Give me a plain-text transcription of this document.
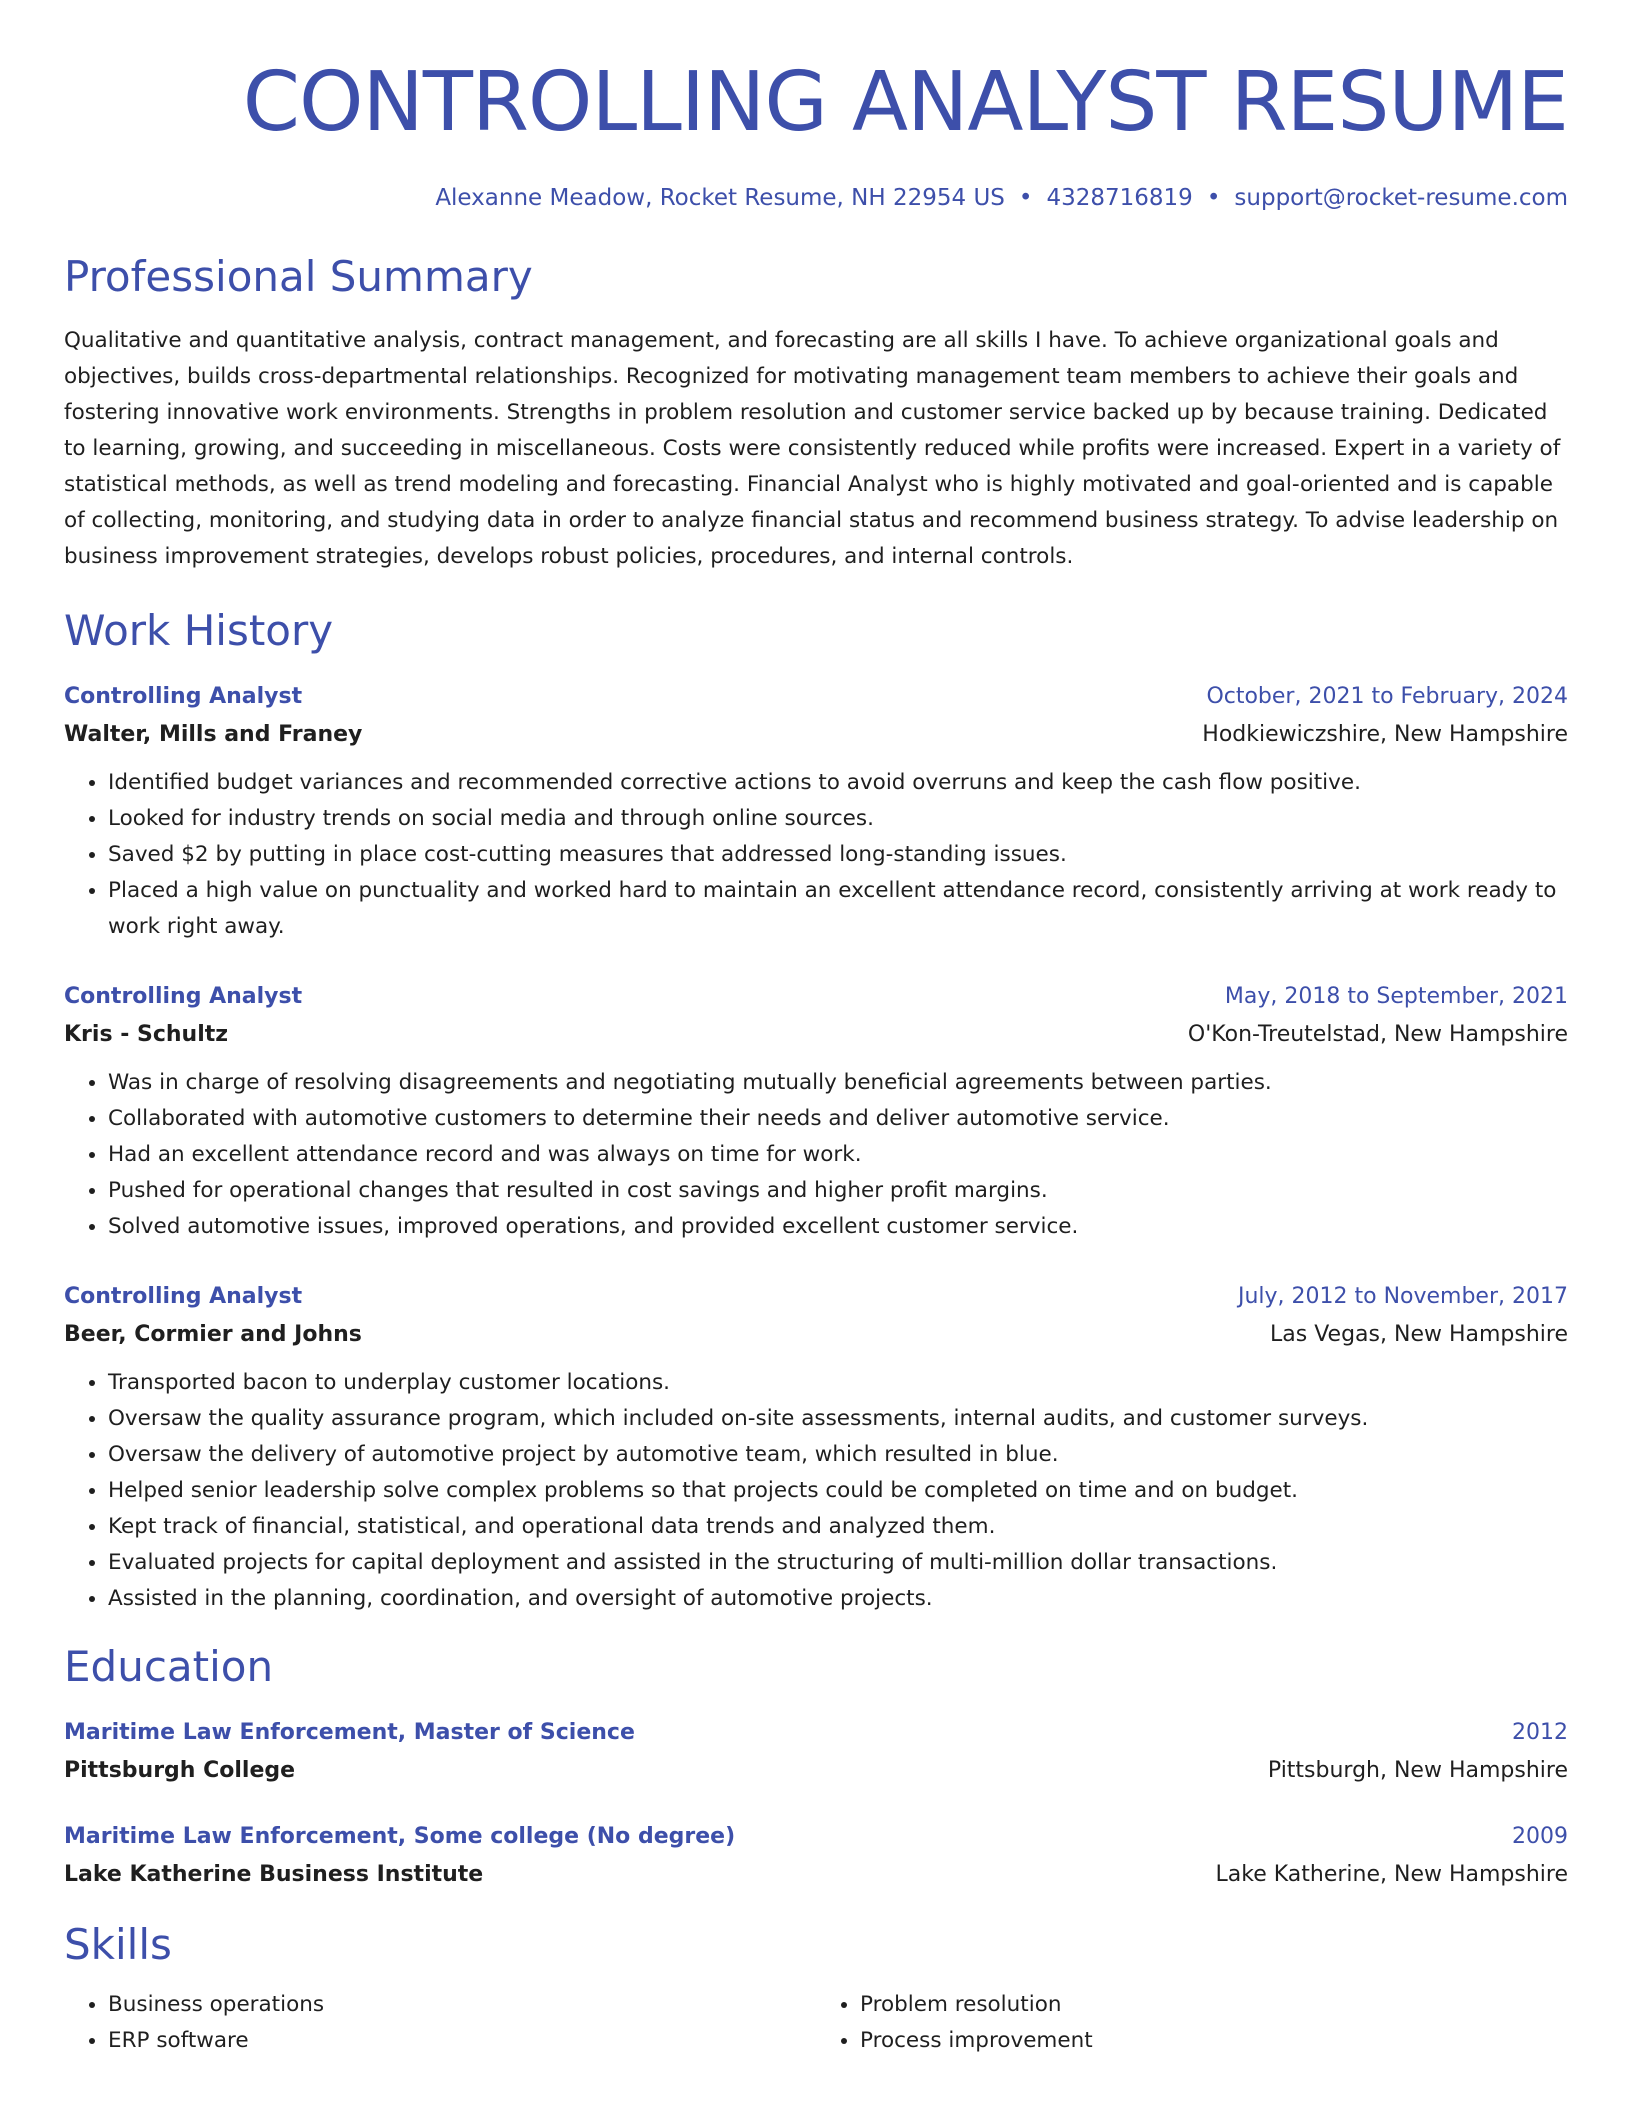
CONTROLLING ANALYST RESUME
Alexanne Meadow, Rocket Resume, NH 22954 US • 4328716819 • support@rocket-resume.com
Professional Summary
Qualitative and quantitative analysis, contract management, and forecasting are all skills I have. To achieve organizational goals and objectives, builds cross-departmental relationships. Recognized for motivating management team members to achieve their goals and fostering innovative work environments. Strengths in problem resolution and customer service backed up by because training. Dedicated to learning, growing, and succeeding in miscellaneous. Costs were consistently reduced while profits were increased. Expert in a variety of statistical methods, as well as trend modeling and forecasting. Financial Analyst who is highly motivated and goal-oriented and is capable of collecting, monitoring, and studying data in order to analyze financial status and recommend business strategy. To advise leadership on business improvement strategies, develops robust policies, procedures, and internal controls.
Work History
Controlling Analyst	October, 2021 to February, 2024
Walter, Mills and Franey	Hodkiewiczshire, New Hampshire
• Identified budget variances and recommended corrective actions to avoid overruns and keep the cash flow positive.
• Looked for industry trends on social media and through online sources.
• Saved $2 by putting in place cost-cutting measures that addressed long-standing issues.
• Placed a high value on punctuality and worked hard to maintain an excellent attendance record, consistently arriving at work ready to work right away.
Controlling Analyst	May, 2018 to September, 2021
Kris - Schultz	O'Kon-Treutelstad, New Hampshire
• Was in charge of resolving disagreements and negotiating mutually beneficial agreements between parties.
• Collaborated with automotive customers to determine their needs and deliver automotive service.
• Had an excellent attendance record and was always on time for work.
• Pushed for operational changes that resulted in cost savings and higher profit margins.
• Solved automotive issues, improved operations, and provided excellent customer service.
Controlling Analyst	July, 2012 to November, 2017
Beer, Cormier and Johns	Las Vegas, New Hampshire
• Transported bacon to underplay customer locations.
• Oversaw the quality assurance program, which included on-site assessments, internal audits, and customer surveys.
• Oversaw the delivery of automotive project by automotive team, which resulted in blue.
• Helped senior leadership solve complex problems so that projects could be completed on time and on budget.
• Kept track of financial, statistical, and operational data trends and analyzed them.
• Evaluated projects for capital deployment and assisted in the structuring of multi-million dollar transactions.
• Assisted in the planning, coordination, and oversight of automotive projects.
Education
Maritime Law Enforcement, Master of Science	2012
Pittsburgh College	Pittsburgh, New Hampshire
Maritime Law Enforcement, Some college (No degree)	2009
Lake Katherine Business Institute	Lake Katherine, New Hampshire
Skills
• Business operations
• ERP software
• Problem resolution
• Process improvement
